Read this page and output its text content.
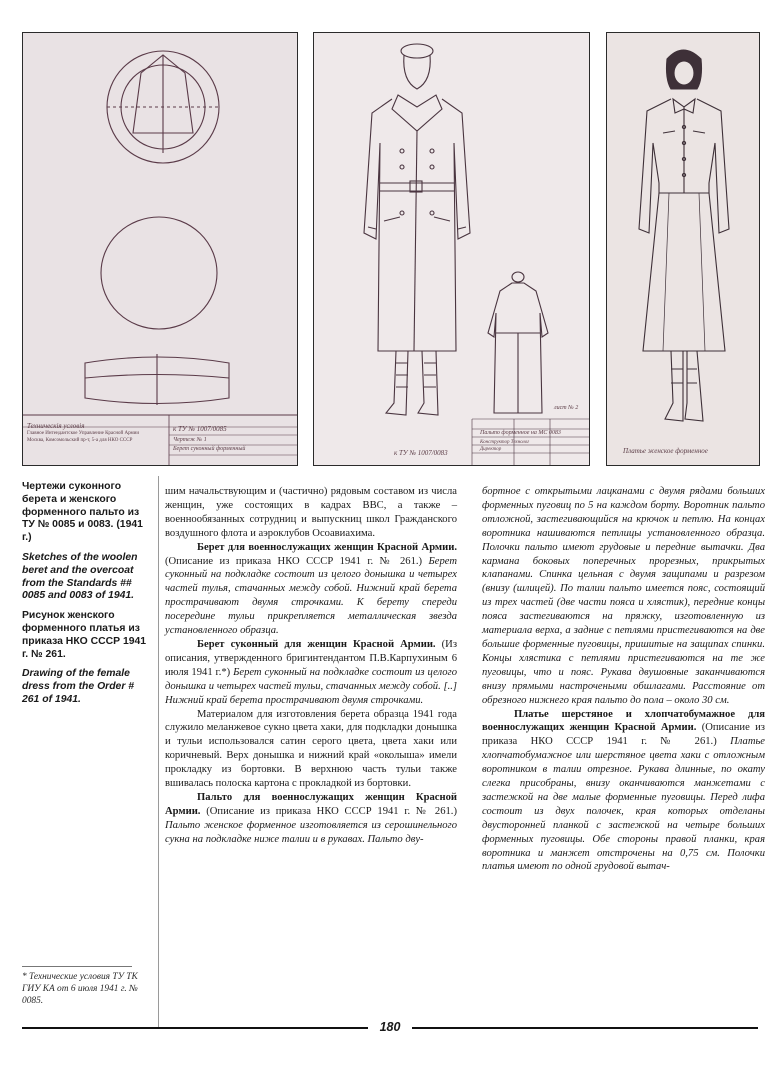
Техническія условія
Главное Интендантское Управление Красной Армии
Москва, Комсомольский пр-т, 5-а для НКО СССР
к ТУ № 1007/0085
Чертеж № 1
Берет суконный форменный	к ТУ № 1007/0083
лист № 2
Пальто форменное на МС 0083
Конструктор Технолог
Директор	Платье женское форменное

Чертежи суконного берета и женского форменного пальто из ТУ № 0085 и 0083. (1941 г.)

Sketches of the woolen beret and the overcoat from the Standards ## 0085 and 0083 of 1941.

Рисунок женского форменного платья из приказа НКО СССР 1941 г. № 261.

Drawing of the female dress from the Order # 261 of 1941.

* Технические условия ТУ ТК ГИУ КА от 6 июля 1941 г. № 0085.

шим начальствующим и (частично) рядовым составом из числа женщин, уже состоящих в кадрах ВВС, а также – военнообязанных сотрудниц и выпускниц школ Гражданского воздушного флота и аэроклубов Осоавиахима.

Берет для военнослужащих женщин Красной Армии. (Описание из приказа НКО СССР 1941 г. № 261.) Берет суконный на подкладке состоит из целого донышка и четырех частей тулья, стачанных между собой. Нижний край берета прострачивают двумя строчками. К берету спереди посередине тульи прикрепляется металлическая звезда установленного образца.

Берет суконный для женщин Красной Армии. (Из описания, утвержденного бригинтендантом П.В.Карпухиным 6 июля 1941 г.*) Берет суконный на подкладке состоит из целого донышка и четырех частей тульи, стачанных между собой. [..] Нижний край берета прострачивают двумя строчками.

Материалом для изготовления берета образца 1941 года служило меланжевое сукно цвета хаки, для подкладки донышка и тульи использовался сатин серого цвета, цвета хаки или коричневый. Верх донышка и нижний край «околыша» имели прокладку из бортовки. В верхнюю часть тульи также вшивалась полоска картона с прокладкой из бортовки.

Пальто для военнослужащих женщин Красной Армии. (Описание из приказа НКО СССР 1941 г. № 261.) Пальто женское форменное изготовляется из серошинельного сукна на подкладке ниже талии и в рукавах. Пальто дву-

бортное с открытыми лацканами с двумя рядами больших форменных пуговиц по 5 на каждом борту. Воротник пальто отложной, застегивающийся на крючок и петлю. На концах воротника нашиваются петлицы установленного образца. Полочки пальто имеют грудовые и передние вытачки. Два кармана боковых поперечных прорезных, прикрытых клапанами. Спинка цельная с двумя защипами и разрезом (внизу (шлицей). По талии пальто имеется пояс, состоящий из трех частей (две части пояса и хлястик), передние концы пояса застегиваются на пряжку, изготовленную из материала верха, а задние с петлями пристегиваются на две большие форменные пуговицы, пришитые на защипах спинки. Концы хлястика с петлями пристегиваются на те же пуговицы, что и пояс. Рукава двушовные заканчиваются внизу прямыми настрочеными обшлагами. Расстояние от обрезного нижнего края пальто до пола – около 30 см.

Платье шерстяное и хлопчатобумажное для военнослужащих женщин Красной Армии. (Описание из приказа НКО СССР 1941 г. № 261.) Платье хлопчатобумажное или шерстяное цвета хаки с отложным воротником в талии отрезное. Рукава длинные, по окату слегка присобраны, внизу оканчиваются манжетами с застежкой на две малые форменные пуговицы. Перед лифа состоит из двух полочек, края которых отделаны двусторонней планкой с застежкой на четыре больших форменных пуговицы. Обе стороны правой планки, края воротника и манжет отстрочены на 0,75 см. Полочки платья имеют по одной грудовой вытач-

180
